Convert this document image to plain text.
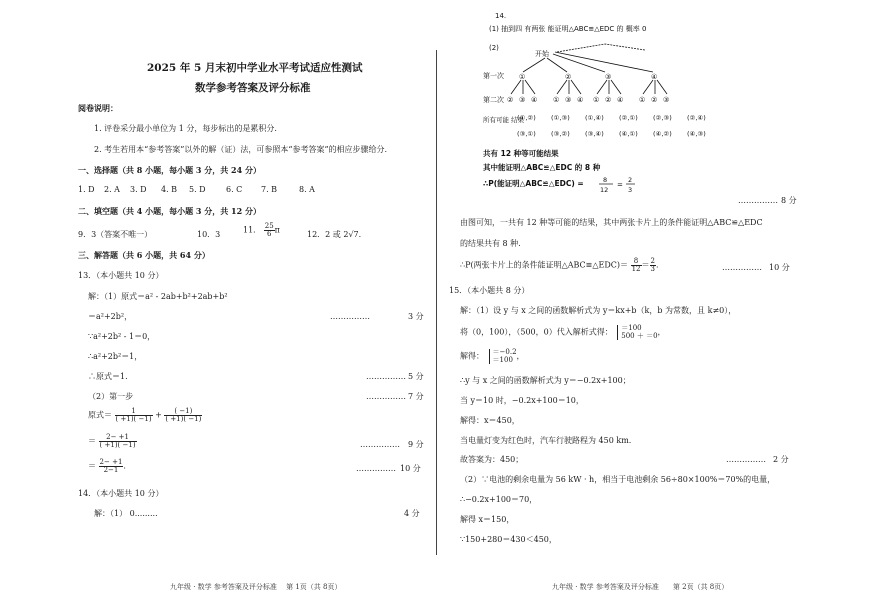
2025 年 5 月末初中学业水平考试适应性测试
数学参考答案及评分标准
阅卷说明：
1. 评卷采分最小单位为 1 分，每步标出的是累积分.
2. 考生若用本“参考答案”以外的解（证）法，可参照本“参考答案”的相应步骤给分.
一、选择题（共 8 小题，每小题 3 分，共 24 分）
1. D 2. A 3. D 4. B 5. D	6. C 7. B	8. A
二、填空题（共 4 小题，每小题 3 分，共 12 分）
9．3（答案不唯一）	10．3	11． $\frac{25}{6}$ π	12．2 或 2√7.
三、解答题（共 6 小题，共 64 分）
13．（本小题共 10 分）
解：（1）原式＝a² - 2ab+b²+2ab+b²
＝a²+2b²，	……………	3 分
∵a²+2b² - 1＝0，
∴a²+2b²＝1，
∴原式＝1.	…………… 5 分
（2）第一步	…………… 7 分
原式＝ $\frac{1}{( +1)( -1)} + \frac{( -1)}{( +1)( -1)}$
＝ $\frac{2- +1}{( +1)( -1)}$	…………… 9 分
＝ $\frac{2- +1}{2-1}$ .	…………… 10 分
14．（本小题共 10 分）
解：（1） 0.........	4 分
九年级 · 数学 参考答案及评分标准　 第 1页（共 8页）
14.
(1) 抽到四 有两张 能证明△ABC≌△EDC 的 概率 0
(2)
开始
第一次
第二次
所有可能 结果
①	②	③	④
② ③ ④ ① ③ ④ ① ② ④ ① ② ③
(①,②) (①,③) (①,④) (②,①) (②,③) (②,④)
(③,①) (③,②) (③,④) (④,①) (④,②) (④,③)
共有 12 种等可能结果
其中能证明△ABC≌△EDC 的 8 种
∴P(能证明△ABC≌△EDC) =	8
12
=
2
3
…………… 8 分
由图可知，一共有 12 种等可能的结果，其中两张卡片上的条件能证明△ABC≌△EDC
的结果共有 8 种.
∴P(两张卡片上的条件能证明△ABC≌△EDC)＝ $\frac{8}{12} = \frac{2}{3}$ .	…………… 10 分
15．（本小题共 8 分）
解：（1）设 y 与 x 之间的函数解析式为 y＝kx+b（k，b 为常数，且 k≠0），
将（0，100），（500，0）代入解析式得： ＝100
500 ＋ ＝0 ，
解得： ＝−0.2
＝100 ，
∴y 与 x 之间的函数解析式为 y＝−0.2x+100；
当 y＝10 时，−0.2x+100＝10，
解得：x＝450，
当电量灯变为红色时，汽车行驶路程为 450 km.
故答案为：450；	…………… 2 分
（2）∵电池的剩余电量为 56 kW · h，相当于电池剩余 56÷80×100%＝70%的电量，
∴−0.2x+100＝70，
解得 x＝150，
∵150+280＝430＜450，
九年级 · 数学 参考答案及评分标准　　第 2页（共 8页）
